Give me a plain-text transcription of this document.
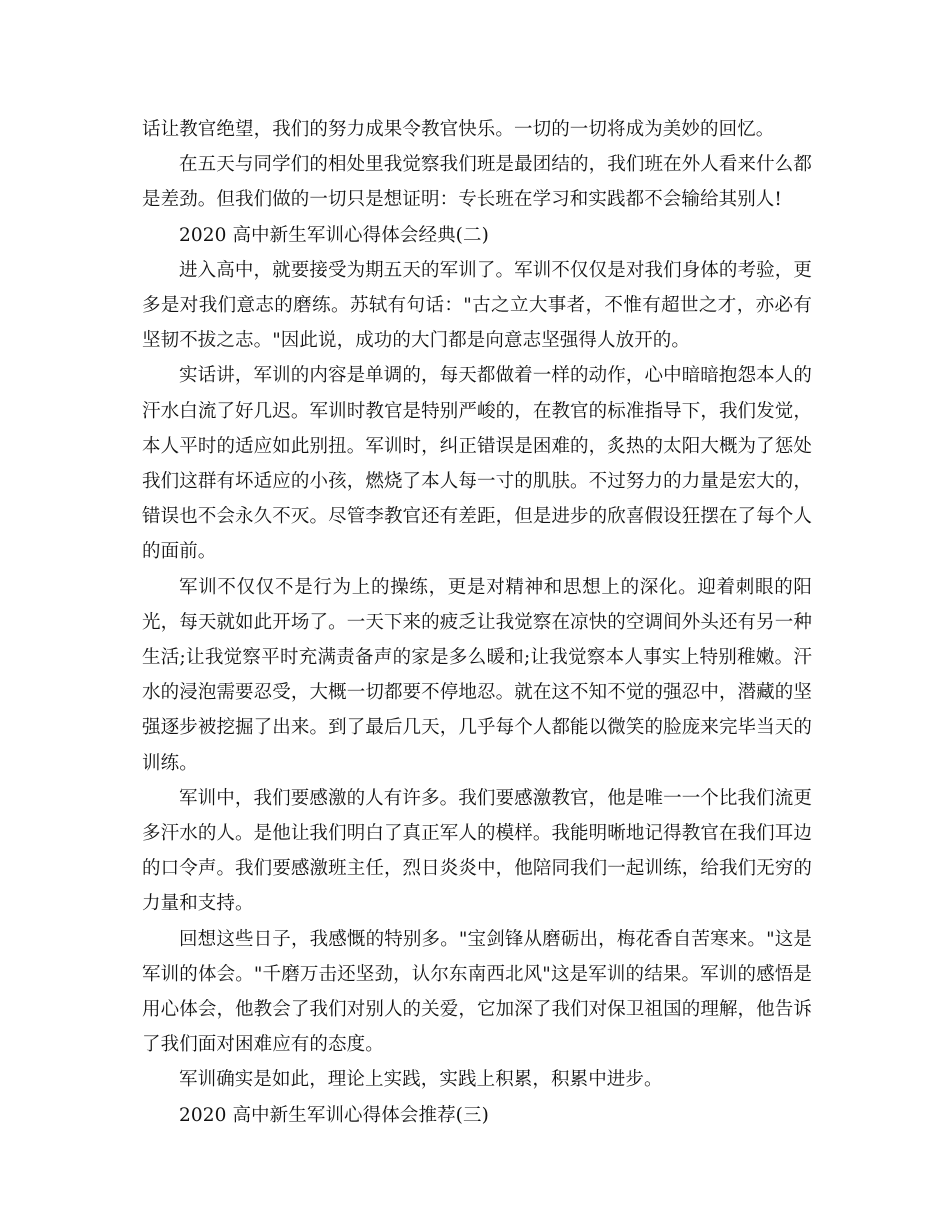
话让教官绝望，我们的努力成果令教官快乐。一切的一切将成为美妙的回忆。

在五天与同学们的相处里我觉察我们班是最团结的，我们班在外人看来什么都是差劲。但我们做的一切只是想证明：专长班在学习和实践都不会输给其别人!

2020 高中新生军训心得体会经典(二)

进入高中，就要接受为期五天的军训了。军训不仅仅是对我们身体的考验，更多是对我们意志的磨练。苏轼有句话："古之立大事者，不惟有超世之才，亦必有坚韧不拔之志。"因此说，成功的大门都是向意志坚强得人放开的。

实话讲，军训的内容是单调的，每天都做着一样的动作，心中暗暗抱怨本人的汗水白流了好几迟。军训时教官是特别严峻的，在教官的标准指导下，我们发觉，本人平时的适应如此别扭。军训时，纠正错误是困难的，炙热的太阳大概为了惩处我们这群有坏适应的小孩，燃烧了本人每一寸的肌肤。不过努力的力量是宏大的，错误也不会永久不灭。尽管李教官还有差距，但是进步的欣喜假设狂摆在了每个人的面前。

军训不仅仅不是行为上的操练，更是对精神和思想上的深化。迎着刺眼的阳光，每天就如此开场了。一天下来的疲乏让我觉察在凉快的空调间外头还有另一种生活;让我觉察平时充满责备声的家是多么暖和;让我觉察本人事实上特别稚嫩。汗水的浸泡需要忍受，大概一切都要不停地忍。就在这不知不觉的强忍中，潜藏的坚强逐步被挖掘了出来。到了最后几天，几乎每个人都能以微笑的脸庞来完毕当天的训练。

军训中，我们要感激的人有许多。我们要感激教官，他是唯一一个比我们流更多汗水的人。是他让我们明白了真正军人的模样。我能明晰地记得教官在我们耳边的口令声。我们要感激班主任，烈日炎炎中，他陪同我们一起训练，给我们无穷的力量和支持。

回想这些日子，我感慨的特别多。"宝剑锋从磨砺出，梅花香自苦寒来。"这是军训的体会。"千磨万击还坚劲，认尔东南西北风"这是军训的结果。军训的感悟是用心体会，他教会了我们对别人的关爱，它加深了我们对保卫祖国的理解，他告诉了我们面对困难应有的态度。

军训确实是如此，理论上实践，实践上积累，积累中进步。

2020 高中新生军训心得体会推荐(三)
